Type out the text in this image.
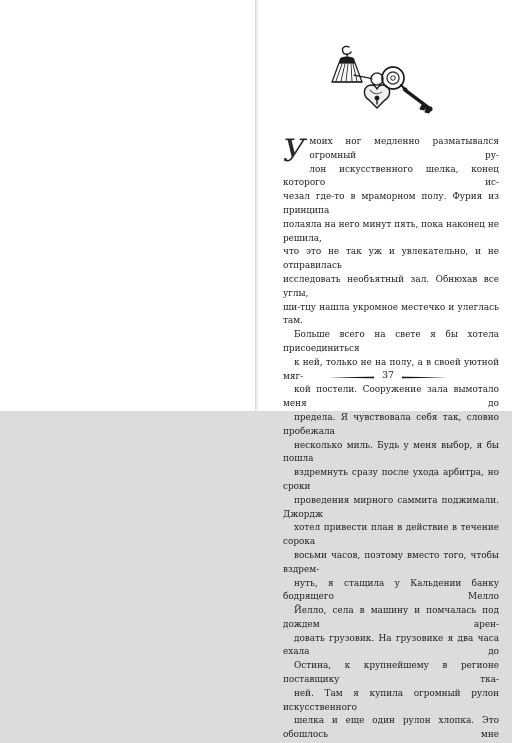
У моих ног медленно разматывался огромный ру-
лон искусственного шелка, конец которого ис-
чезал где-то в мраморном полу. Фурия из принципа
полаяла на него минут пять, пока наконец не решила,
что это не так уж и увлекательно, и не отправилась
исследовать необъятный зал. Обнюхав все углы,
ши-тцу нашла укромное местечко и улеглась там.
Больше всего на свете я бы хотела присоединиться
к ней, только не на полу, а в своей уютной мяг-
кой постели. Сооружение зала вымотало меня до
предела. Я чувствовала себя так, словно пробежала
несколько миль. Будь у меня выбор, я бы пошла
вздремнуть сразу после ухода арбитра, но сроки
проведения мирного саммита поджимали. Джордж
хотел привести план в действие в течение сорока
восьми часов, поэтому вместо того, чтобы вздрем-
нуть, я стащила у Кальдении банку бодрящего Мелло
Йелло, села в машину и помчалась под дождем арен-
довать грузовик. На грузовике я два часа ехала до
Остина, к крупнейшему в регионе поставщику тка-
ней. Там я купила огромный рулон искусственного
шелка и еще один рулон хлопка. Это обошлось мне
37
